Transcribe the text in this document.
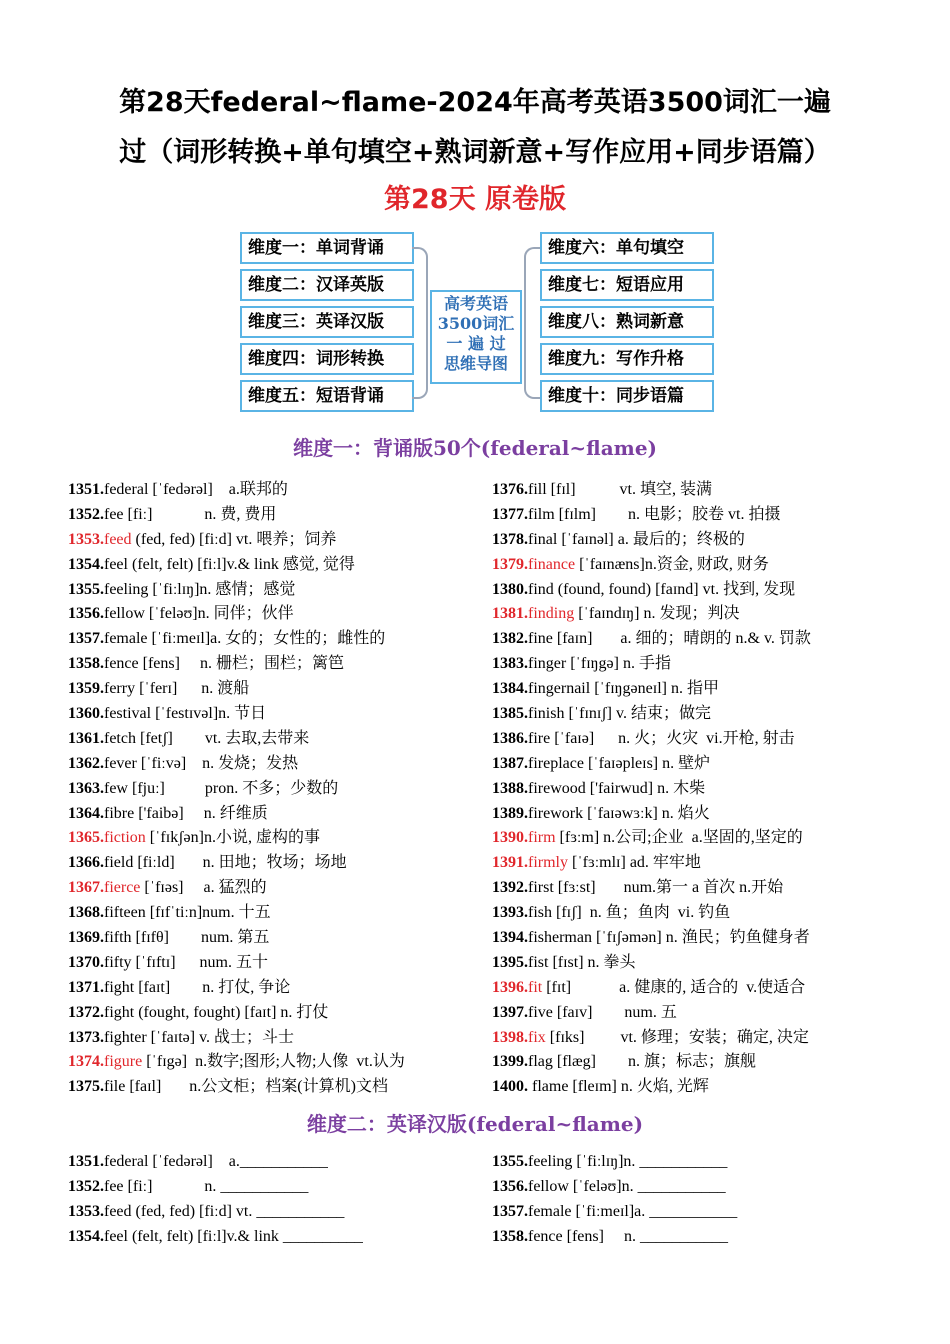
第28天federal~flame-2024年高考英语3500词汇一遍
过（词形转换+单句填空+熟词新意+写作应用+同步语篇）
第28天 原卷版
维度一：单词背诵
维度二：汉译英版
维度三：英译汉版
维度四：词形转换
维度五：短语背诵
高考英语
3500词汇
一 遍 过
思维导图
维度六：单句填空
维度七：短语应用
维度八：熟词新意
维度九：写作升格
维度十：同步语篇
维度一：背诵版50个(federal~flame)
1351.federal [ˈfedərəl]    a.联邦的
1352.fee [fiː]             n. 费, 费用
1353.feed (fed, fed) [fiːd] vt. 喂养；饲养
1354.feel (felt, felt) [fiːl]v.& link 感觉, 觉得
1355.feeling [ˈfiːlɪŋ]n. 感情；感觉
1356.fellow [ˈfeləʊ]n. 同伴；伙伴
1357.female [ˈfiːmeɪl]a. 女的；女性的；雌性的
1358.fence [fens]     n. 栅栏；围栏；篱笆
1359.ferry [ˈferɪ]      n. 渡船
1360.festival [ˈfestɪvəl]n. 节日
1361.fetch [fetʃ]        vt. 去取,去带来
1362.fever [ˈfiːvə]    n. 发烧；发热
1363.few [fjuː]          pron. 不多；少数的
1364.fibre ['faibə]     n. 纤维质
1365.fiction [ˈfɪkʃən]n.小说, 虚构的事
1366.field [fiːld]       n. 田地；牧场；场地
1367.fierce [ˈfɪəs]     a. 猛烈的
1368.fifteen [fɪfˈtiːn]num. 十五
1369.fifth [fɪfθ]        num. 第五
1370.fifty [ˈfɪftɪ]      num. 五十
1371.fight [faɪt]        n. 打仗, 争论
1372.fight (fought, fought) [faɪt] n. 打仗
1373.fighter [ˈfaɪtə] v. 战士；斗士
1374.figure [ˈfɪgə]  n.数字;图形;人物;人像  vt.认为
1375.file [faɪl]       n.公文柜；档案(计算机)文档
1376.fill [fɪl]           vt. 填空, 装满
1377.film [fɪlm]        n. 电影；胶卷 vt. 拍摄
1378.final [ˈfaɪnəl] a. 最后的；终极的
1379.finance [ˈfaɪnæns]n.资金, 财政, 财务
1380.find (found, found) [faɪnd] vt. 找到, 发现
1381.finding [ˈfaɪndɪŋ] n. 发现；判决
1382.fine [faɪn]       a. 细的；晴朗的 n.& v. 罚款
1383.finger [ˈfɪŋgə] n. 手指
1384.fingernail [ˈfɪŋgəneɪl] n. 指甲
1385.finish [ˈfɪnɪʃ] v. 结束；做完
1386.fire [ˈfaɪə]      n. 火；火灾  vi.开枪, 射击
1387.fireplace [ˈfaɪəpleɪs] n. 壁炉
1388.firewood ['fairwud] n. 木柴
1389.firework [ˈfaɪəwɜːk] n. 焰火
1390.firm [fɜːm] n.公司;企业  a.坚固的,坚定的
1391.firmly [ˈfɜːmlɪ] ad. 牢牢地
1392.first [fɜːst]       num.第一 a 首次 n.开始
1393.fish [fɪʃ]  n. 鱼；鱼肉  vi. 钓鱼
1394.fisherman [ˈfɪʃəmən] n. 渔民；钓鱼健身者
1395.fist [fɪst] n. 拳头
1396.fit [fɪt]            a. 健康的, 适合的  v.使适合
1397.five [faɪv]        num. 五
1398.fix [fɪks]         vt. 修理；安装；确定, 决定
1399.flag [flæg]        n. 旗；标志；旗舰
1400. flame [fleɪm] n. 火焰, 光辉
维度二：英译汉版(federal~flame)
1351.federal [ˈfedərəl]    a.___________
1352.fee [fiː]             n. ___________
1353.feed (fed, fed) [fiːd] vt. ___________
1354.feel (felt, felt) [fiːl]v.& link __________
1355.feeling [ˈfiːlɪŋ]n. ___________
1356.fellow [ˈfeləʊ]n. ___________
1357.female [ˈfiːmeɪl]a. ___________
1358.fence [fens]     n. ___________
